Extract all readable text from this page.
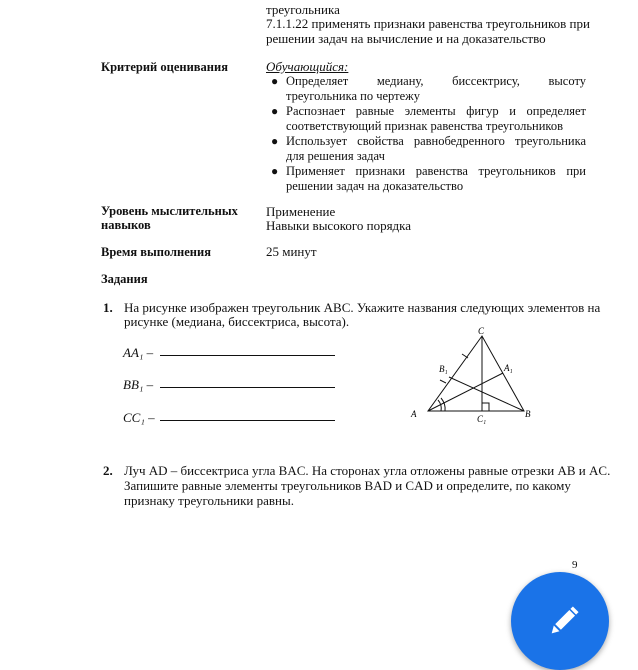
треугольника
7.1.1.22 применять признаки равенства треугольников при
решении задач на вычисление и на доказательство
Критерий оценивания	Обучающийся:
● Определяет медиану, биссектрису, высоту
треугольника по чертежу
● Распознает равные элементы фигур и определяет
соответствующий признак равенства треугольников
● Использует свойства равнобедренного треугольника
для решения задач
● Применяет признаки равенства треугольников при
решении задач на доказательство
Уровень мыслительных
навыков
Применение
Навыки высокого порядка
Время выполнения	25 минут
Задания
1. На рисунке изображен треугольник ABC. Укажите названия следующих элементов на
рисунке (медиана, биссектриса, высота).
AA₁ –
BB₁ –
CC₁ –
C
A	B
A₁
B₁
C₁
2. Луч AD – биссектриса угла BAC. На сторонах угла отложены равные отрезки AB и AC.
Запишите равные элементы треугольников BAD и CAD и определите, по какому
признаку треугольники равны.
9
